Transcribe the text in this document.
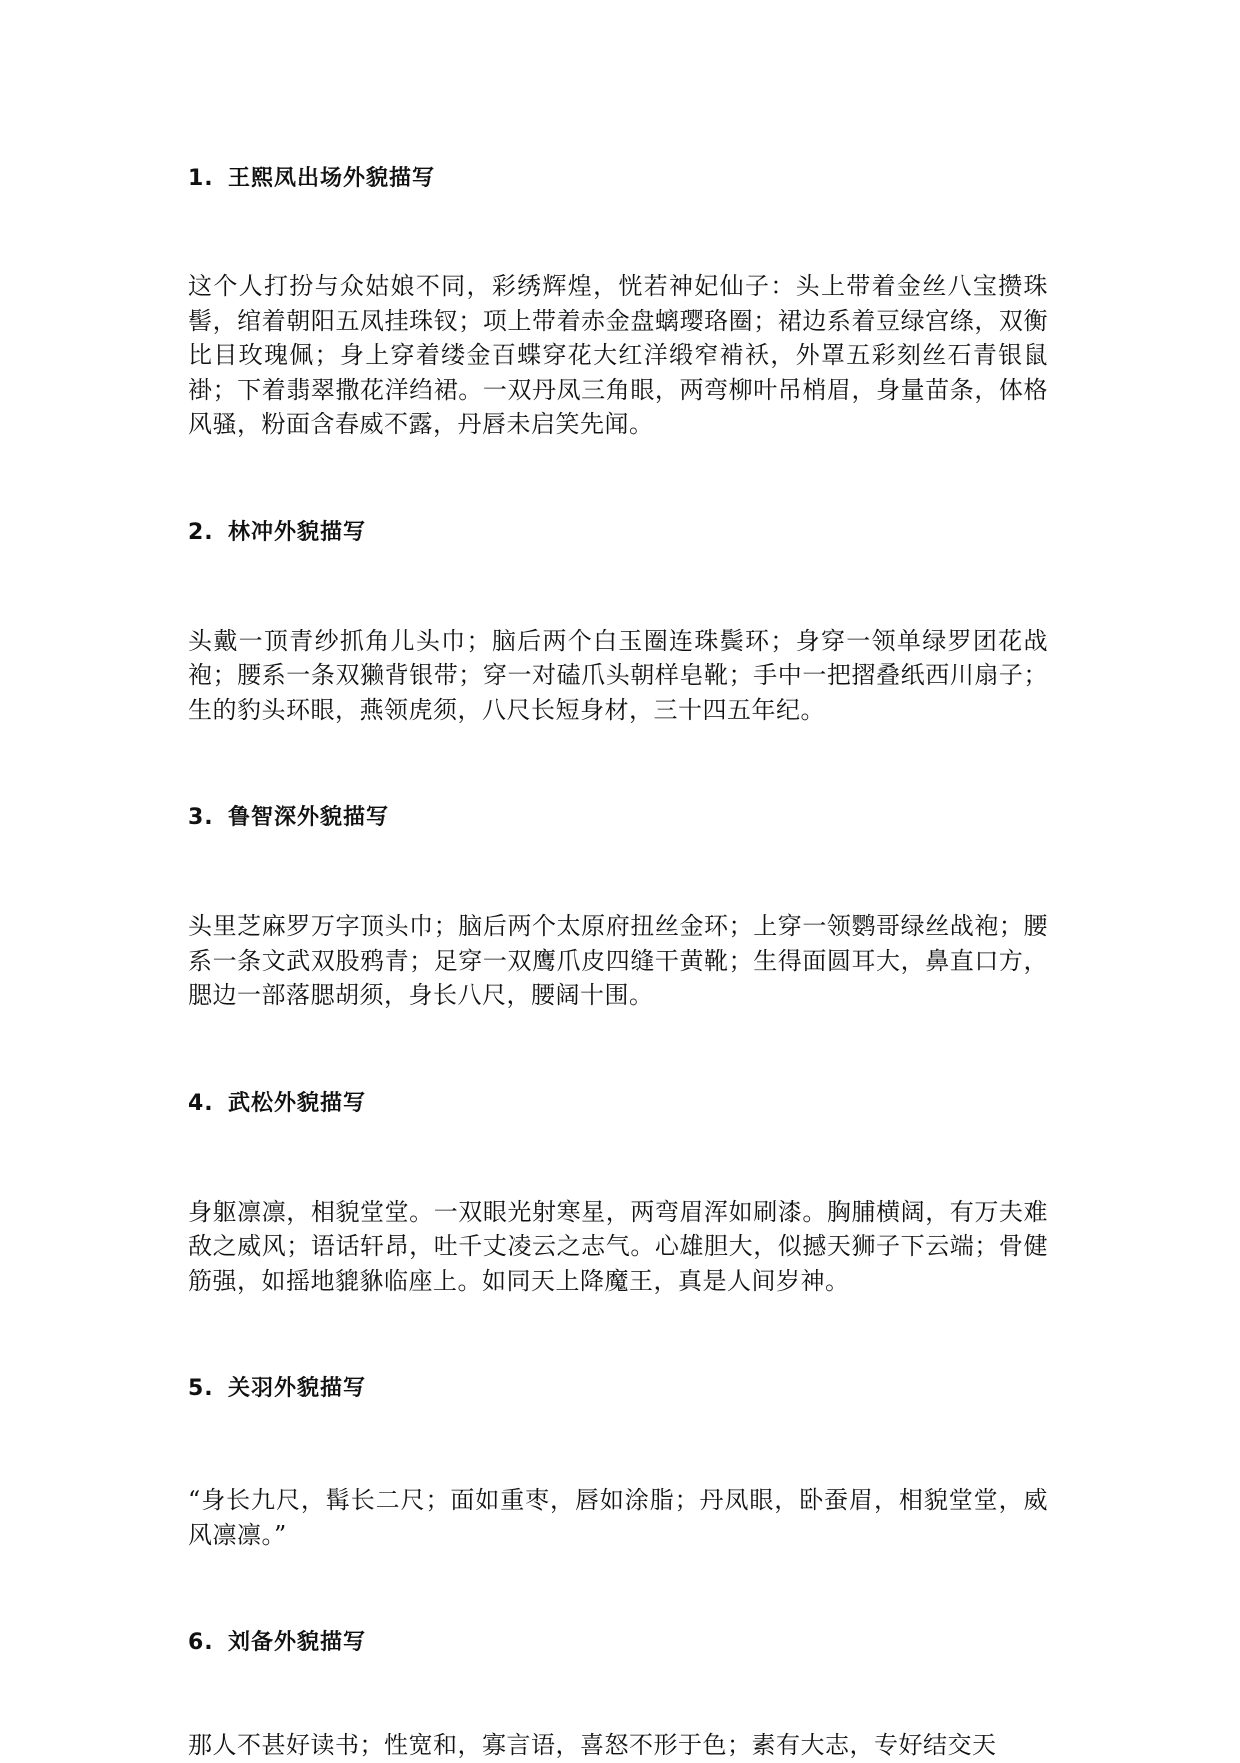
1. 王熙凤出场外貌描写

这个人打扮与众姑娘不同，彩绣辉煌，恍若神妃仙子：头上带着金丝八宝攒珠髻，绾着朝阳五凤挂珠钗；项上带着赤金盘螭璎珞圈；裙边系着豆绿宫绦，双衡比目玫瑰佩；身上穿着缕金百蝶穿花大红洋缎窄褃袄，外罩五彩刻丝石青银鼠褂；下着翡翠撒花洋绉裙。一双丹凤三角眼，两弯柳叶吊梢眉，身量苗条，体格风骚，粉面含春威不露，丹唇未启笑先闻。

2. 林冲外貌描写

头戴一顶青纱抓角儿头巾；脑后两个白玉圈连珠鬓环；身穿一领单绿罗团花战袍；腰系一条双獭背银带；穿一对磕爪头朝样皂靴；手中一把摺叠纸西川扇子；生的豹头环眼，燕领虎须，八尺长短身材，三十四五年纪。

3. 鲁智深外貌描写

头里芝麻罗万字顶头巾；脑后两个太原府扭丝金环；上穿一领鹦哥绿丝战袍；腰系一条文武双股鸦青；足穿一双鹰爪皮四缝干黄靴；生得面圆耳大，鼻直口方，腮边一部落腮胡须，身长八尺，腰阔十围。

4. 武松外貌描写

身躯凛凛，相貌堂堂。一双眼光射寒星，两弯眉浑如刷漆。胸脯横阔，有万夫难敌之威风；语话轩昂，吐千丈凌云之志气。心雄胆大，似撼天狮子下云端；骨健筋强，如摇地貔貅临座上。如同天上降魔王，真是人间岁神。

5. 关羽外貌描写

“身长九尺，髯长二尺；面如重枣，唇如涂脂；丹凤眼，卧蚕眉，相貌堂堂，威风凛凛。”

6. 刘备外貌描写

那人不甚好读书；性宽和，寡言语，喜怒不形于色；素有大志，专好结交天
